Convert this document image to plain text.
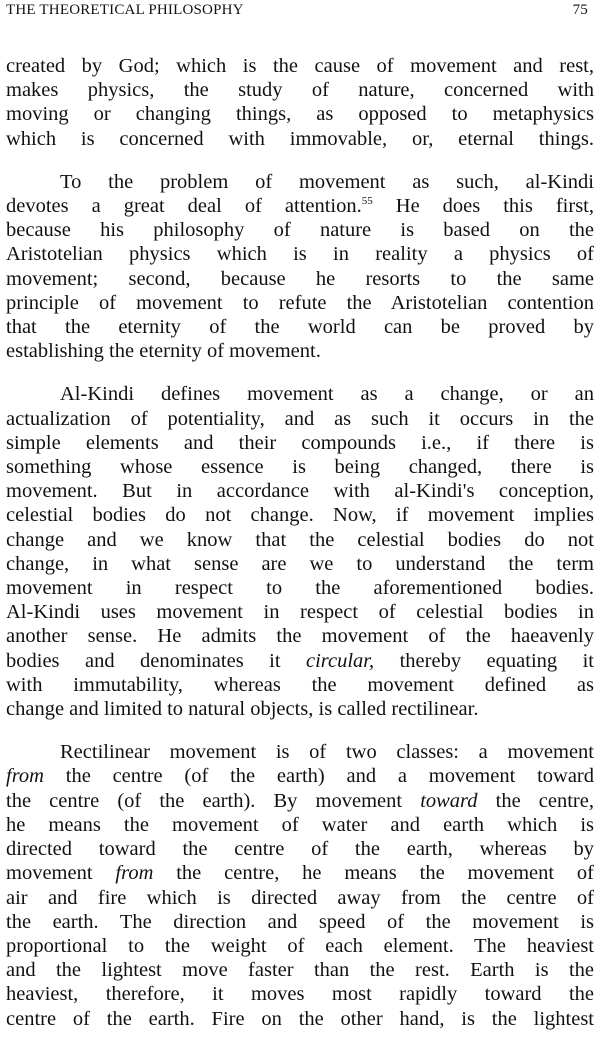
THE THEORETICAL PHILOSOPHY	75

created by God; which is the cause of movement and rest,
makes physics, the study of nature, concerned with
moving or changing things, as opposed to metaphysics
which is concerned with immovable, or, eternal things.

To the problem of movement as such, al-Kindi
devotes a great deal of attention.$^{55}$ He does this first,
because his philosophy of nature is based on the
Aristotelian physics which is in reality a physics of
movement; second, because he resorts to the same
principle of movement to refute the Aristotelian contention
that the eternity of the world can be proved by
establishing the eternity of movement.

Al-Kindi defines movement as a change, or an
actualization of potentiality, and as such it occurs in the
simple elements and their compounds i.e., if there is
something whose essence is being changed, there is
movement. But in accordance with al-Kindi's conception,
celestial bodies do not change. Now, if movement implies
change and we know that the celestial bodies do not
change, in what sense are we to understand the term
movement in respect to the aforementioned bodies.
Al-Kindi uses movement in respect of celestial bodies in
another sense. He admits the movement of the haeavenly
bodies and denominates it circular, thereby equating it
with immutability, whereas the movement defined as
change and limited to natural objects, is called rectilinear.

Rectilinear movement is of two classes: a movement
from the centre (of the earth) and a movement toward
the centre (of the earth). By movement toward the centre,
he means the movement of water and earth which is
directed toward the centre of the earth, whereas by
movement from the centre, he means the movement of
air and fire which is directed away from the centre of
the earth. The direction and speed of the movement is
proportional to the weight of each element. The heaviest
and the lightest move faster than the rest. Earth is the
heaviest, therefore, it moves most rapidly toward the
centre of the earth. Fire on the other hand, is the lightest
